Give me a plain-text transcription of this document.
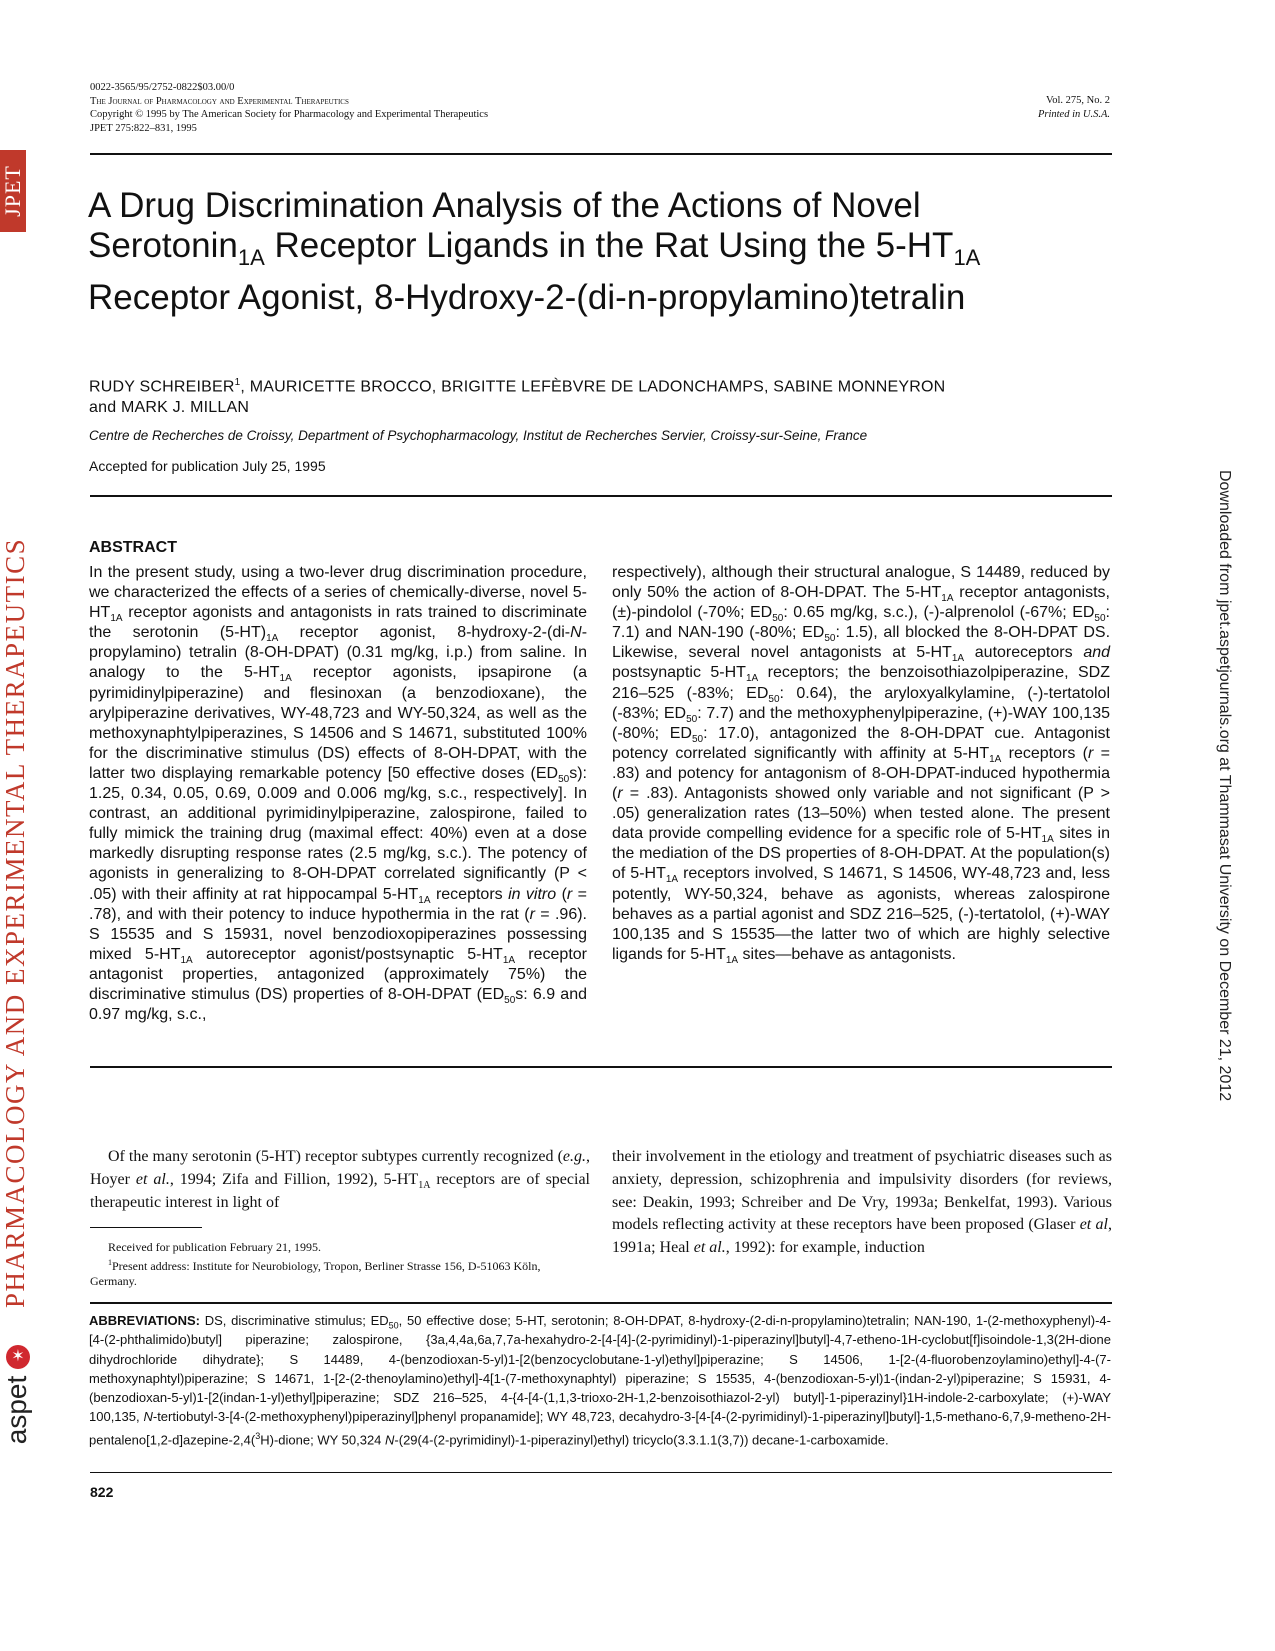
JPET
PHARMACOLOGY AND EXPERIMENTAL THERAPEUTICS
✶
aspet
Downloaded from jpet.aspetjournals.org at Thammasat University on December 21, 2012
0022-3565/95/2752-0822$03.00/0
The Journal of Pharmacology and Experimental Therapeutics
Copyright © 1995 by The American Society for Pharmacology and Experimental Therapeutics
JPET 275:822–831, 1995
Vol. 275, No. 2
Printed in U.S.A.
A Drug Discrimination Analysis of the Actions of Novel
Serotonin$_{1A}$ Receptor Ligands in the Rat Using the $5-HT_{1A}$
Receptor Agonist, 8-Hydroxy-2-(di-n-propylamino)tetralin
RUDY SCHREIBER$^1$, MAURICETTE BROCCO, BRIGITTE LEFÈBVRE DE LADONCHAMPS, SABINE MONNEYRON
and MARK J. MILLAN
Centre de Recherches de Croissy, Department of Psychopharmacology, Institut de Recherches Servier, Croissy-sur-Seine, France
Accepted for publication July 25, 1995
ABSTRACT
In the present study, using a two-lever drug discrimination procedure, we characterized the effects of a series of chemically-diverse, novel $5-HT_{1A}$ receptor agonists and antagonists in rats trained to discriminate the serotonin $(5-HT)_{1A}$ receptor agonist, 8-hydroxy-2-(di-N-propylamino) tetralin (8-OH-DPAT) (0.31 mg/kg, i.p.) from saline. In analogy to the $5-HT_{1A}$ receptor agonists, ipsapirone (a pyrimidinylpiperazine) and flesinoxan (a benzodioxane), the arylpiperazine derivatives, WY-48,723 and WY-50,324, as well as the methoxynaphtylpiperazines, S 14506 and S 14671, substituted 100% for the discriminative stimulus (DS) effects of 8-OH-DPAT, with the latter two displaying remarkable potency [50 effective doses $(ED_{50}s)$: 1.25, 0.34, 0.05, 0.69, 0.009 and 0.006 mg/kg, s.c., respectively]. In contrast, an additional pyrimidinylpiperazine, zalospirone, failed to fully mimick the training drug (maximal effect: 40%) even at a dose markedly disrupting response rates (2.5 mg/kg, s.c.). The potency of agonists in generalizing to 8-OH-DPAT correlated significantly (P < .05) with their affinity at rat hippocampal $5-HT_{1A}$ receptors in vitro (r = .78), and with their potency to induce hypothermia in the rat (r = .96). S 15535 and S 15931, novel benzodioxopiperazines possessing mixed $5-HT_{1A}$ autoreceptor agonist/postsynaptic $5-HT_{1A}$ receptor antagonist properties, antagonized (approximately 75%) the discriminative stimulus (DS) properties of 8-OH-DPAT ($ED_{50}s$: 6.9 and 0.97 mg/kg, s.c.,
respectively), although their structural analogue, S 14489, reduced by only 50% the action of 8-OH-DPAT. The $5-HT_{1A}$ receptor antagonists, (±)-pindolol (-70%; $ED_{50}$: 0.65 mg/kg, s.c.), (-)-alprenolol (-67%; $ED_{50}$: 7.1) and NAN-190 (-80%; $ED_{50}$: 1.5), all blocked the 8-OH-DPAT DS. Likewise, several novel antagonists at $5-HT_{1A}$ autoreceptors and postsynaptic $5-HT_{1A}$ receptors; the benzoisothiazolpiperazine, SDZ 216–525 (-83%; $ED_{50}$: 0.64), the aryloxyalkylamine, (-)-tertatolol (-83%; $ED_{50}$: 7.7) and the methoxyphenylpiperazine, (+)-WAY 100,135 (-80%; $ED_{50}$: 17.0), antagonized the 8-OH-DPAT cue. Antagonist potency correlated significantly with affinity at $5-HT_{1A}$ receptors (r = .83) and potency for antagonism of 8-OH-DPAT-induced hypothermia (r = .83). Antagonists showed only variable and not significant (P > .05) generalization rates (13–50%) when tested alone. The present data provide compelling evidence for a specific role of $5-HT_{1A}$ sites in the mediation of the DS properties of 8-OH-DPAT. At the population(s) of $5-HT_{1A}$ receptors involved, S 14671, S 14506, WY-48,723 and, less potently, WY-50,324, behave as agonists, whereas zalospirone behaves as a partial agonist and SDZ 216–525, (-)-tertatolol, (+)-WAY 100,135 and S 15535—the latter two of which are highly selective ligands for $5-HT_{1A}$ sites—behave as antagonists.
Of the many serotonin (5-HT) receptor subtypes currently recognized (e.g., Hoyer et al., 1994; Zifa and Fillion, 1992), $5-HT_{1A}$ receptors are of special therapeutic interest in light of
their involvement in the etiology and treatment of psychiatric diseases such as anxiety, depression, schizophrenia and impulsivity disorders (for reviews, see: Deakin, 1993; Schreiber and De Vry, 1993a; Benkelfat, 1993). Various models reflecting activity at these receptors have been proposed (Glaser et al, 1991a; Heal et al., 1992): for example, induction
Received for publication February 21, 1995.
$^1$Present address: Institute for Neurobiology, Tropon, Berliner Strasse 156, D-51063 Köln, Germany.
ABBREVIATIONS: DS, discriminative stimulus; $ED_{50}$, 50 effective dose; 5-HT, serotonin; 8-OH-DPAT, 8-hydroxy-(2-di-n-propylamino)tetralin; NAN-190, 1-(2-methoxyphenyl)-4-[4-(2-phthalimido)butyl] piperazine; zalospirone, {3a,4,4a,6a,7,7a-hexahydro-2-[4-[4]-(2-pyrimidinyl)-1-piperazinyl]butyl]-4,7-etheno-1H-cyclobut[f]isoindole-1,3(2H-dione dihydrochloride dihydrate}; S 14489, 4-(benzodioxan-5-yl)1-[2(benzocyclobutane-1-yl)ethyl]piperazine; S 14506, 1-[2-(4-fluorobenzoylamino)ethyl]-4-(7-methoxynaphtyl)piperazine; S 14671, 1-[2-(2-thenoylamino)ethyl]-4[1-(7-methoxynaphtyl) piperazine; S 15535, 4-(benzodioxan-5-yl)1-(indan-2-yl)piperazine; S 15931, 4-(benzodioxan-5-yl)1-[2(indan-1-yl)ethyl]piperazine; SDZ 216–525, 4-{4-[4-(1,1,3-trioxo-2H-1,2-benzoisothiazol-2-yl) butyl]-1-piperazinyl}1H-indole-2-carboxylate; (+)-WAY 100,135, N-tertiobutyl-3-[4-(2-methoxyphenyl)piperazinyl]phenyl propanamide]; WY 48,723, decahydro-3-[4-[4-(2-pyrimidinyl)-1-piperazinyl]butyl]-1,5-methano-6,7,9-metheno-2H-pentaleno[1,2-d]azepine-2,4($^3$H)-dione; WY 50,324 N-(29(4-(2-pyrimidinyl)-1-piperazinyl)ethyl) tricyclo(3.3.1.1(3,7)) decane-1-carboxamide.
822
